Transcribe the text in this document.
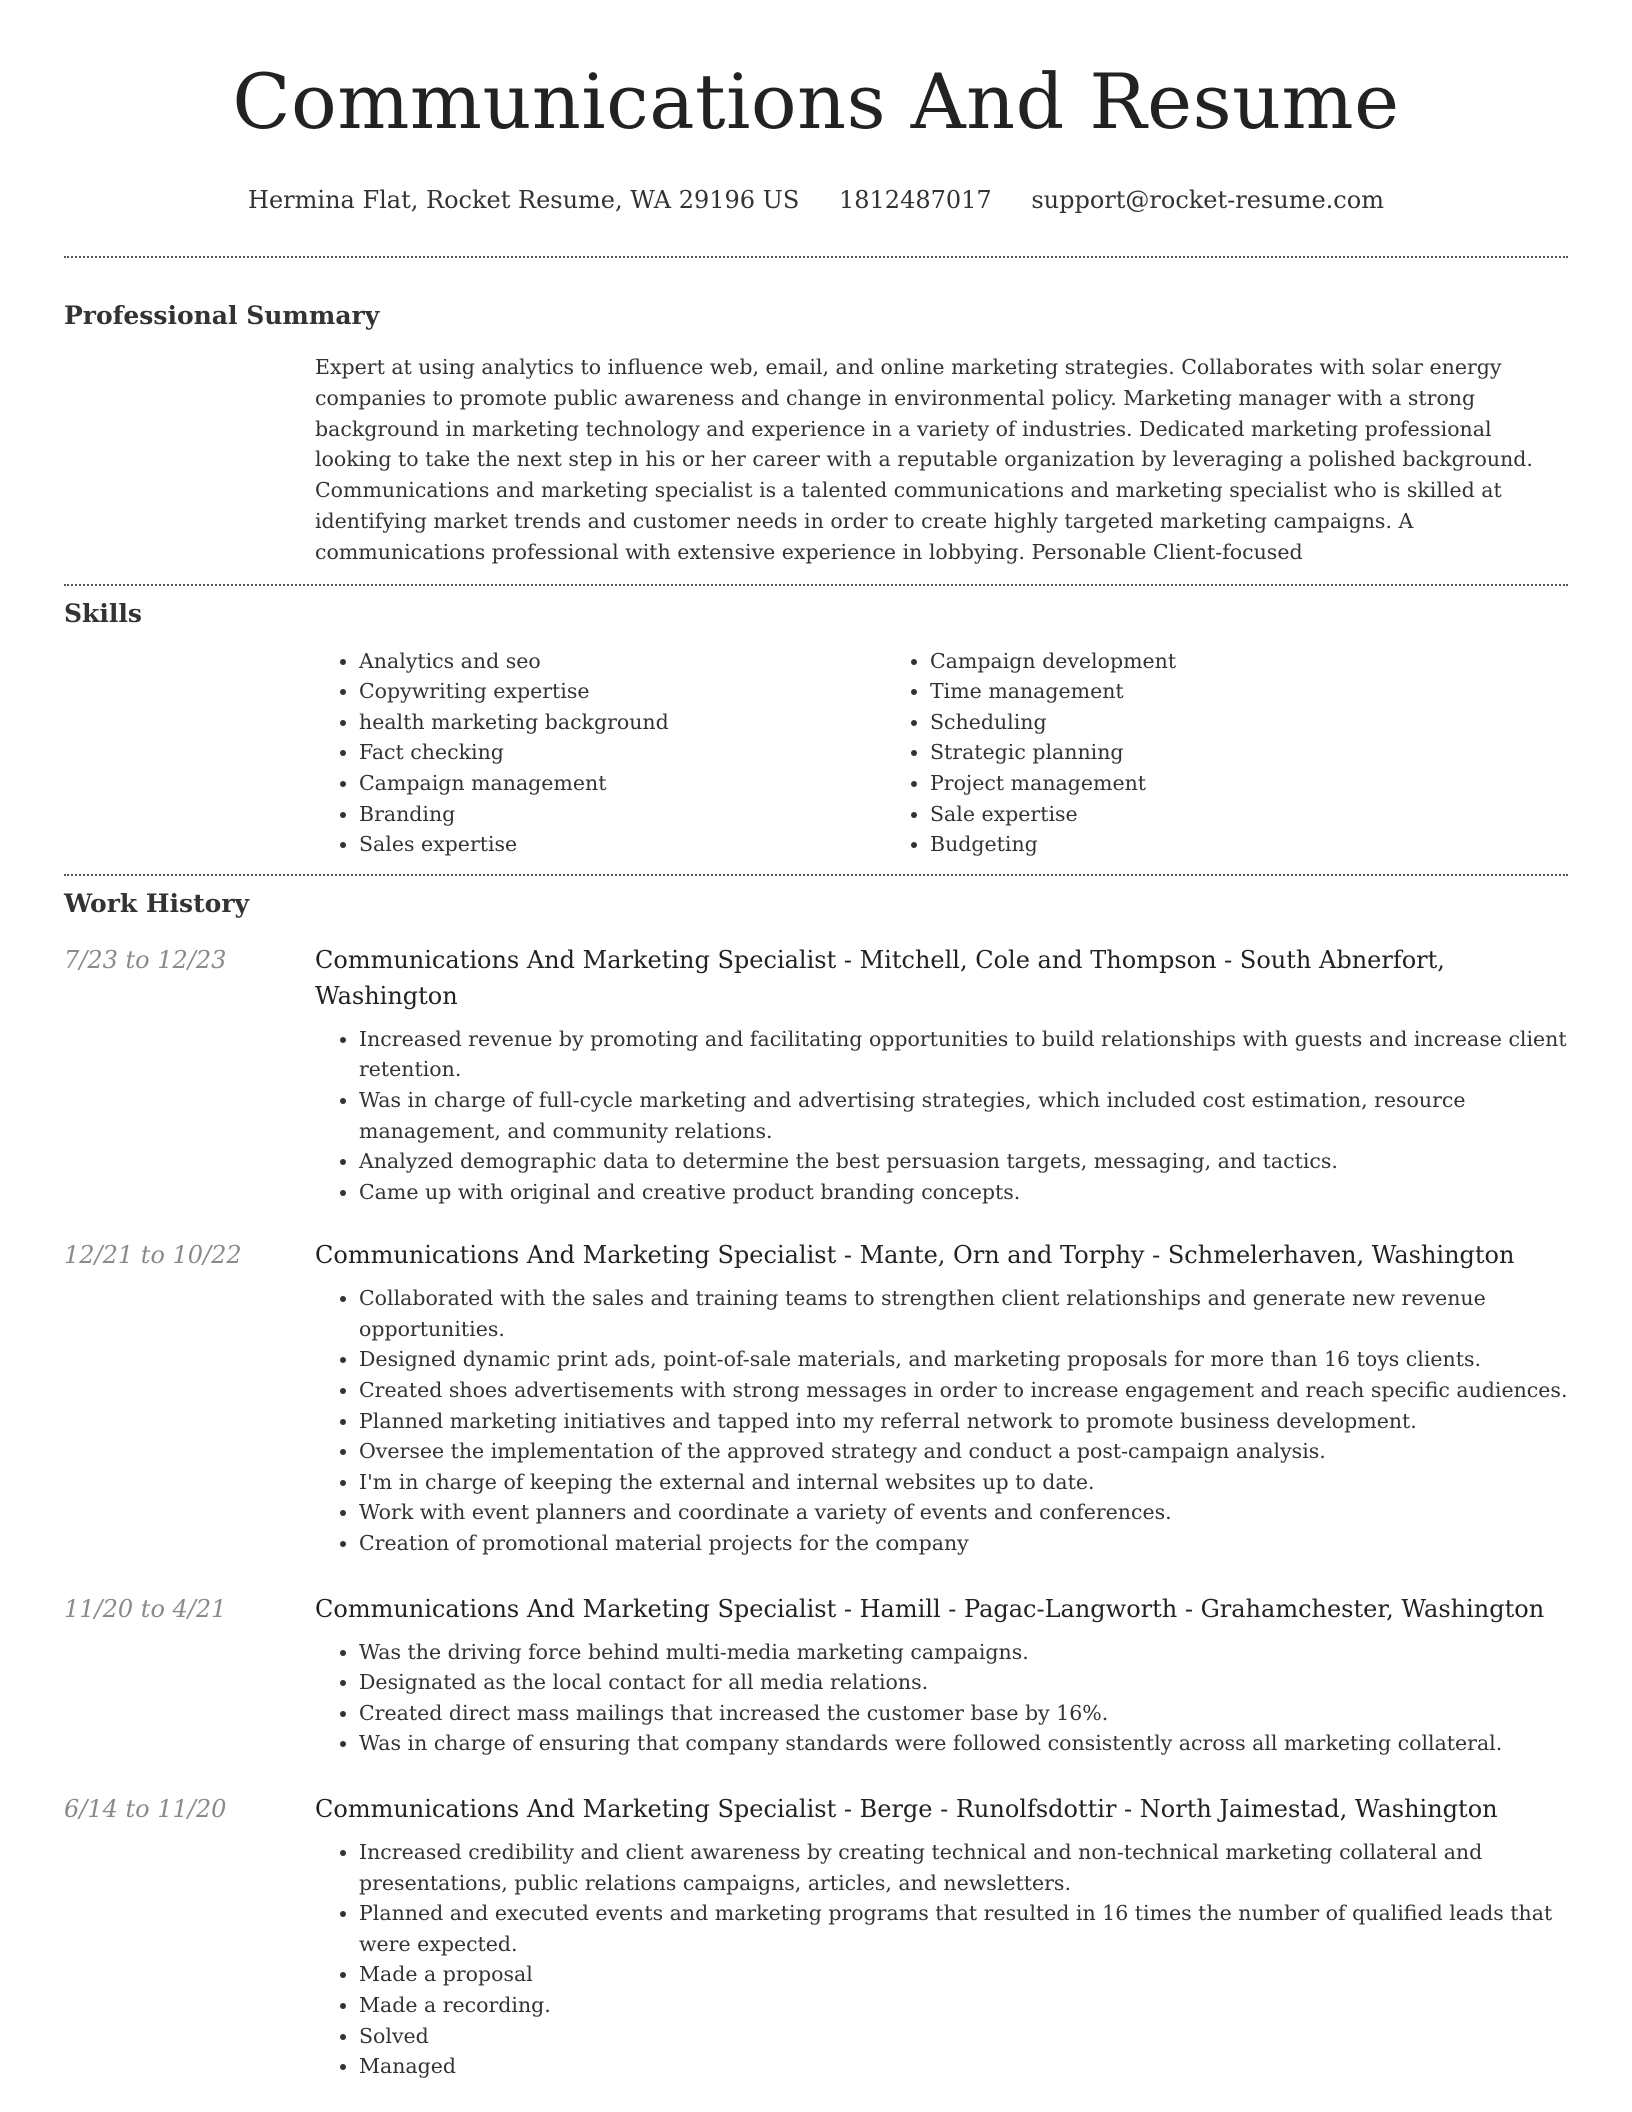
Communications And Resume
Hermina Flat, Rocket Resume, WA 29196 US 1812487017 support@rocket-resume.com
Professional Summary

Expert at using analytics to influence web, email, and online marketing strategies. Collaborates with solar energy companies to promote public awareness and change in environmental policy. Marketing manager with a strong background in marketing technology and experience in a variety of industries. Dedicated marketing professional looking to take the next step in his or her career with a reputable organization by leveraging a polished background. Communications and marketing specialist is a talented communications and marketing specialist who is skilled at identifying market trends and customer needs in order to create highly targeted marketing campaigns. A communications professional with extensive experience in lobbying. Personable Client-focused

Skills
• Analytics and seo
• Copywriting expertise
• health marketing background
• Fact checking
• Campaign management
• Branding
• Sales expertise
• Campaign development
• Time management
• Scheduling
• Strategic planning
• Project management
• Sale expertise
• Budgeting
Work History
7/23 to 12/23	Communications And Marketing Specialist - Mitchell, Cole and Thompson - South Abnerfort, Washington
• Increased revenue by promoting and facilitating opportunities to build relationships with guests and increase client retention.
• Was in charge of full-cycle marketing and advertising strategies, which included cost estimation, resource management, and community relations.
• Analyzed demographic data to determine the best persuasion targets, messaging, and tactics.
• Came up with original and creative product branding concepts.
12/21 to 10/22	Communications And Marketing Specialist - Mante, Orn and Torphy - Schmelerhaven, Washington
• Collaborated with the sales and training teams to strengthen client relationships and generate new revenue opportunities.
• Designed dynamic print ads, point-of-sale materials, and marketing proposals for more than 16 toys clients.
• Created shoes advertisements with strong messages in order to increase engagement and reach specific audiences.
• Planned marketing initiatives and tapped into my referral network to promote business development.
• Oversee the implementation of the approved strategy and conduct a post-campaign analysis.
• I'm in charge of keeping the external and internal websites up to date.
• Work with event planners and coordinate a variety of events and conferences.
• Creation of promotional material projects for the company
11/20 to 4/21	Communications And Marketing Specialist - Hamill - Pagac-Langworth - Grahamchester, Washington
• Was the driving force behind multi-media marketing campaigns.
• Designated as the local contact for all media relations.
• Created direct mass mailings that increased the customer base by 16%.
• Was in charge of ensuring that company standards were followed consistently across all marketing collateral.
6/14 to 11/20	Communications And Marketing Specialist - Berge - Runolfsdottir - North Jaimestad, Washington
• Increased credibility and client awareness by creating technical and non-technical marketing collateral and presentations, public relations campaigns, articles, and newsletters.
• Planned and executed events and marketing programs that resulted in 16 times the number of qualified leads that were expected.
• Made a proposal
• Made a recording.
• Solved
• Managed
